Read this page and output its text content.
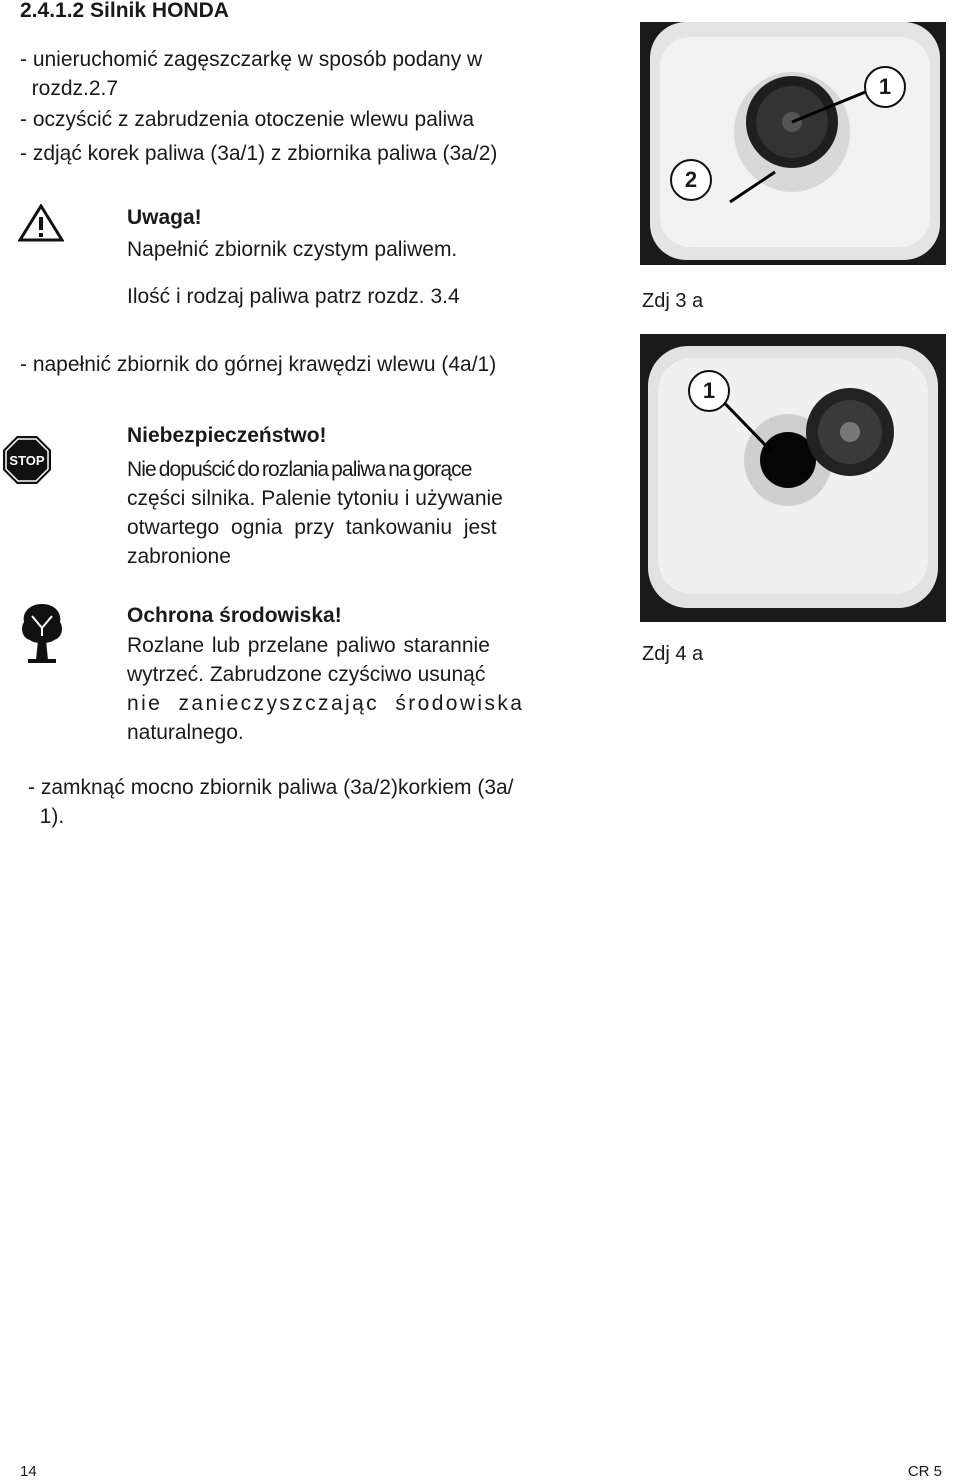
2.4.1.2 Silnik HONDA
- unieruchomić zagęszczarkę w sposób podany w
rozdz.2.7
- oczyścić z zabrudzenia otoczenie wlewu paliwa
- zdjąć korek paliwa (3a/1) z zbiornika paliwa (3a/2)
Uwaga!
Napełnić zbiornik czystym paliwem.
Ilość i rodzaj paliwa patrz rozdz. 3.4
1
2
Zdj 3 a
- napełnić zbiornik do górnej krawędzi wlewu (4a/1)
1
Zdj 4 a
STOP
Niebezpieczeństwo!
Nie dopuścić do rozlania paliwa na gorące
części silnika. Palenie tytoniu i używanie
otwartego ognia przy tankowaniu jest
zabronione
Ochrona środowiska!
Rozlane lub przelane paliwo starannie
wytrzeć. Zabrudzone czyściwo usunąć
nie zanieczyszczając środowiska
naturalnego.
- zamknąć mocno zbiornik paliwa (3a/2)korkiem (3a/
1).
14	CR 5
